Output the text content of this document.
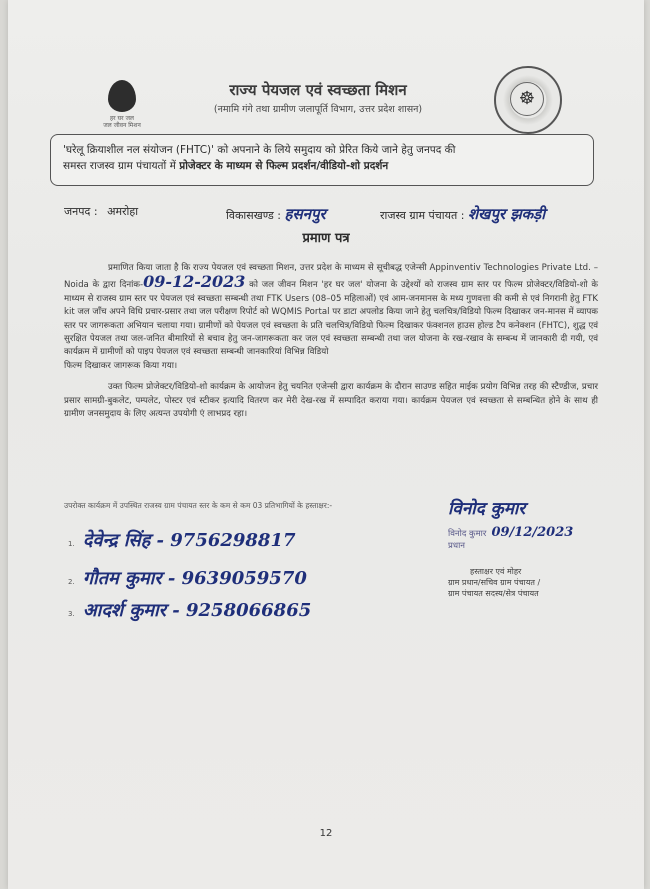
हर घर जल
जल जीवन मिशन
राज्य पेयजल एवं स्वच्छता मिशन
(नमामि गंगे तथा ग्रामीण जलापूर्ति विभाग, उत्तर प्रदेश शासन)
☸
'घरेलू क्रियाशील नल संयोजन (FHTC)' को अपनाने के लिये समुदाय को प्रेरित किये जाने हेतु जनपद की
समस्त राजस्व ग्राम पंचायतों में प्रोजेक्टर के माध्यम से फिल्म प्रदर्शन/वीडियो-शो प्रदर्शन
जनपद : अमरोहा	विकासखण्ड : हसनपुर	राजस्व ग्राम पंचायत : शेखपुर झकड़ी
प्रमाण पत्र

प्रमाणित किया जाता है कि राज्य पेयजल एवं स्वच्छता मिशन, उत्तर प्रदेश के माध्यम से सूचीबद्ध एजेन्सी Appinventiv Technologies Private Ltd. – Noida के द्वारा दिनांक-09-12-2023 को जल जीवन मिशन 'हर घर जल' योजना के उद्देश्यों को राजस्व ग्राम स्तर पर फिल्म प्रोजेक्टर/विडियो-शो के माध्यम से राजस्व ग्राम स्तर पर पेयजल एवं स्वच्छता सम्बन्धी तथा FTK Users (08–05 महिलाओं) एवं आम-जनमानस के मध्य गुणवत्ता की कमी से एवं निगरानी हेतु FTK kit जल जाँच अपने विधि प्रचार-प्रसार तथा जल परीक्षण रिपोर्ट को WQMIS Portal पर डाटा अपलोड किया जाने हेतु चलचित्र/विडियो फिल्म दिखाकर जन-मानस में व्यापक स्तर पर जागरूकता अभियान चलाया गया। ग्रामीणों को पेयजल एवं स्वच्छता के प्रति चलचित्र/विडियो फिल्म दिखाकर फंक्शनल हाउस होल्ड टैप कनेक्शन (FHTC), शुद्ध एवं सुरक्षित पेयजल तथा जल-जनित बीमारियों से बचाव हेतु जन-जागरूकता कर जल एवं स्वच्छता सम्बन्धी तथा जल योजना के रख-रखाव के सम्बन्ध में जानकारी दी गयी, एवं कार्यक्रम में ग्रामीणों को पाइप पेयजल एवं स्वच्छता सम्बन्धी जानकारियां विभिन्न विडियो

फिल्म दिखाकर जागरूक किया गया।

उक्त फिल्म प्रोजेक्टर/विडियो-शो कार्यक्रम के आयोजन हेतु चयनित एजेन्सी द्वारा कार्यक्रम के दौरान साउण्ड सहित माईक प्रयोग विभिन्न तरह की स्टैण्डीज, प्रचार प्रसार सामग्री-बुकलेट, पम्पलेट, पोस्टर एवं स्टीकर इत्यादि वितरण कर मेरी देख-रख में सम्पादित कराया गया। कार्यक्रम पेयजल एवं स्वच्छता से सम्बन्धित होने के साथ ही ग्रामीण जनसमुदाय के लिए अत्यन्त उपयोगी एं लाभप्रद रहा।

उपरोक्त कार्यक्रम में उपस्थित राजस्व ग्राम पंचायत स्तर के कम से कम 03 प्रतिभागियों के हस्ताक्षर:-
1. देवेन्द्र सिंह - 9756298817
2. गौतम कुमार - 9639059570
3. आदर्श कुमार - 9258066865
विनोद कुमार
विनोद कुमार 09/12/2023
प्रधान
हस्ताक्षर एवं मोहर
ग्राम प्रधान/सचिव ग्राम पंचायत /
ग्राम पंचायत सदस्य/सेत्र पंचायत
12
